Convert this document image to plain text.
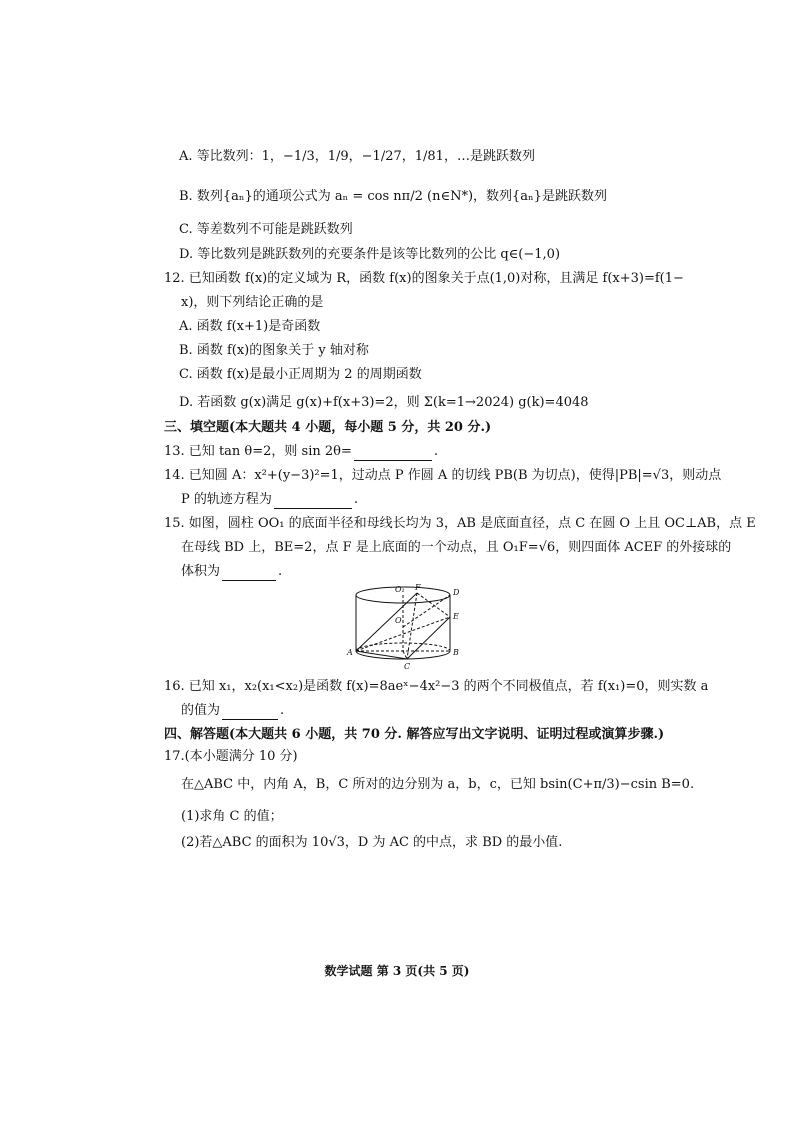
A. 等比数列：1，−1/3，1/9，−1/27，1/81，…是跳跃数列
B. 数列{aₙ}的通项公式为 aₙ = cos nπ/2 (n∈N*)，数列{aₙ}是跳跃数列
C. 等差数列不可能是跳跃数列
D. 等比数列是跳跃数列的充要条件是该等比数列的公比 q∈(−1,0)
12. 已知函数 f(x)的定义域为 R，函数 f(x)的图象关于点(1,0)对称，且满足 f(x+3)=f(1−
x)，则下列结论正确的是
A. 函数 f(x+1)是奇函数
B. 函数 f(x)的图象关于 y 轴对称
C. 函数 f(x)是最小正周期为 2 的周期函数
D. 若函数 g(x)满足 g(x)+f(x+3)=2，则 Σ(k=1→2024) g(k)=4048
三、填空题(本大题共 4 小题，每小题 5 分，共 20 分.)
13. 已知 tan θ=2，则 sin 2θ=	.
14. 已知圆 A：x²+(y−3)²=1，过动点 P 作圆 A 的切线 PB(B 为切点)，使得|PB|=√3，则动点
P 的轨迹方程为	.
15. 如图，圆柱 OO₁ 的底面半径和母线长均为 3，AB 是底面直径，点 C 在圆 O 上且 OC⊥AB，点 E
在母线 BD 上，BE=2，点 F 是上底面的一个动点，且 O₁F=√6，则四面体 ACEF 的外接球的
体积为	.
O₁ F
D
E
O
A	B
C
16. 已知 x₁，x₂(x₁<x₂)是函数 f(x)=8aeˣ−4x²−3 的两个不同极值点，若 f(x₁)=0，则实数 a
的值为	.
四、解答题(本大题共 6 小题，共 70 分. 解答应写出文字说明、证明过程或演算步骤.)
17.(本小题满分 10 分)
在△ABC 中，内角 A，B，C 所对的边分别为 a，b，c，已知 bsin(C+π/3)−csin B=0.
(1)求角 C 的值；
(2)若△ABC 的面积为 10√3，D 为 AC 的中点，求 BD 的最小值.
数学试题 第 3 页(共 5 页)
